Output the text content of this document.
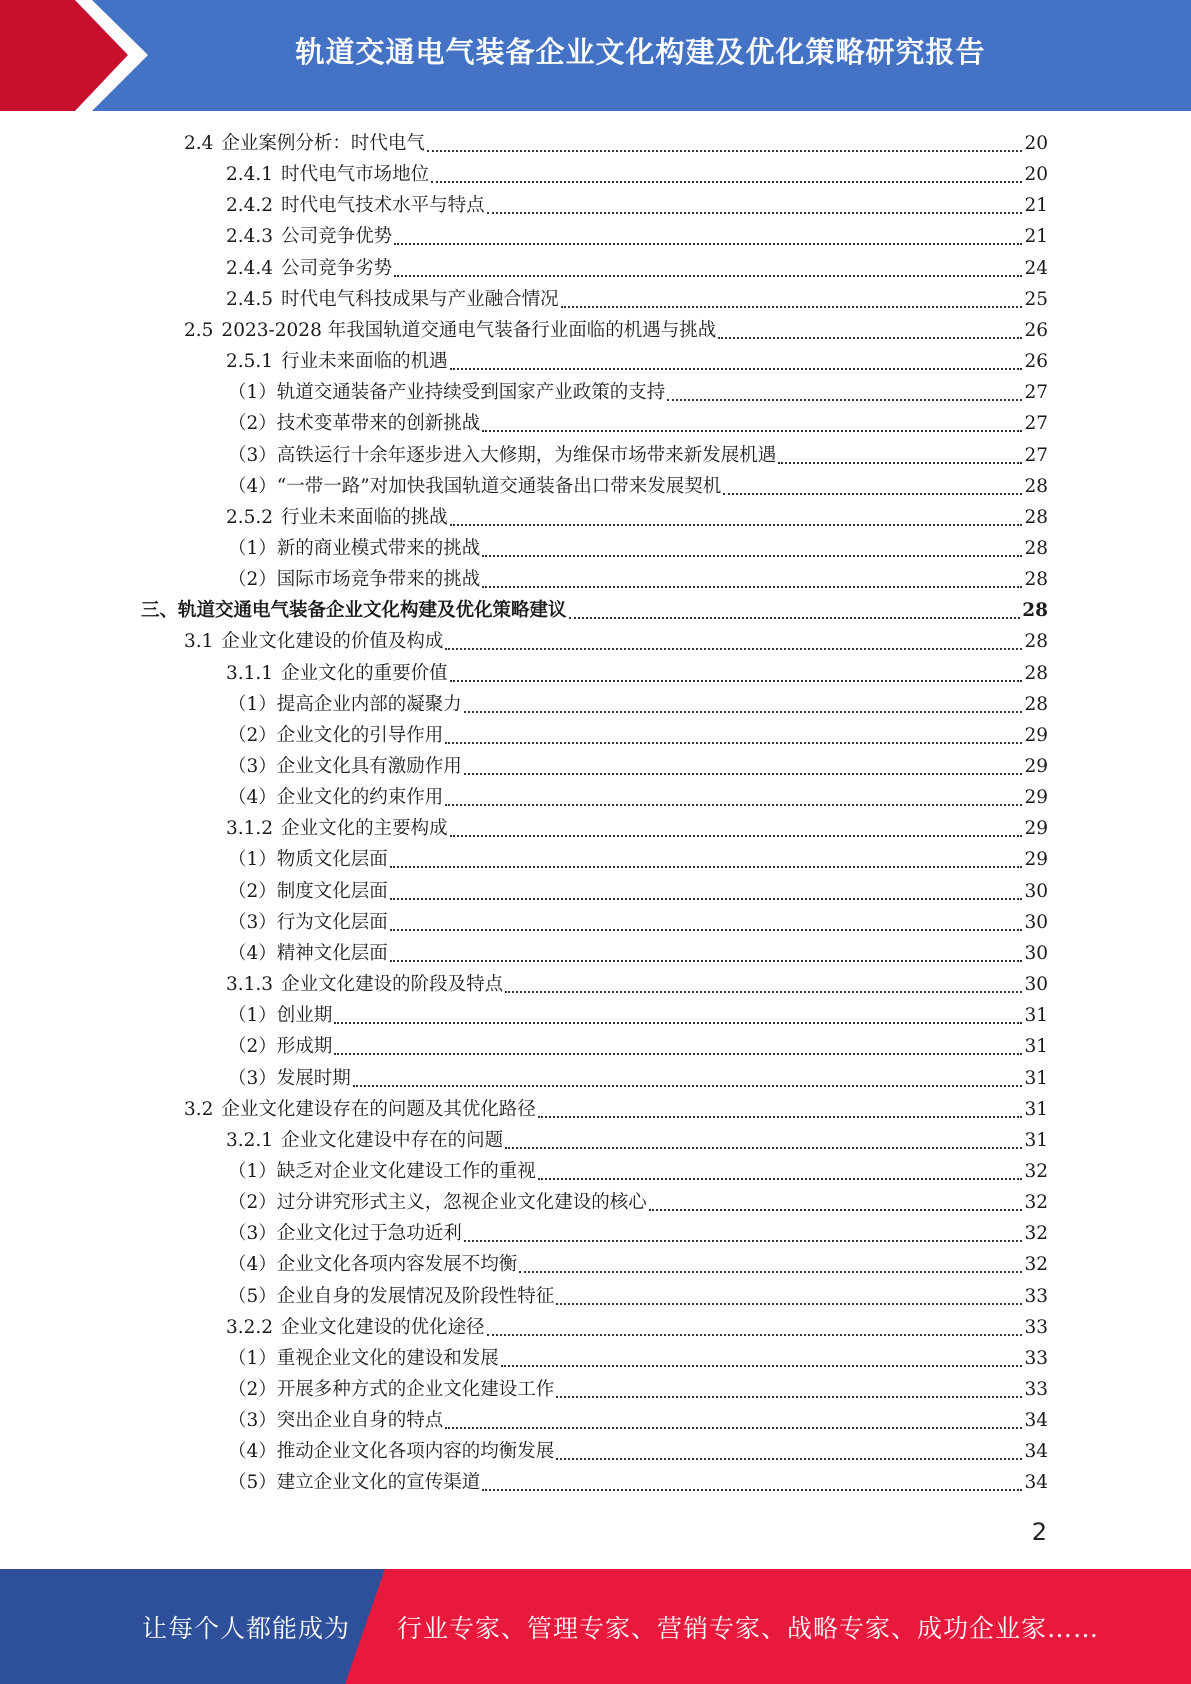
轨道交通电气装备企业文化构建及优化策略研究报告
2.4 企业案例分析：时代电气	20
2.4.1 时代电气市场地位	20
2.4.2 时代电气技术水平与特点	21
2.4.3 公司竞争优势	21
2.4.4 公司竞争劣势	24
2.4.5 时代电气科技成果与产业融合情况	25
2.5 2023-2028 年我国轨道交通电气装备行业面临的机遇与挑战	26
2.5.1 行业未来面临的机遇	26
（1） 轨道交通装备产业持续受到国家产业政策的支持	27
（2） 技术变革带来的创新挑战	27
（3） 高铁运行十余年逐步进入大修期，为维保市场带来新发展机遇	27
（4） “一带一路”对加快我国轨道交通装备出口带来发展契机	28
2.5.2 行业未来面临的挑战	28
（1） 新的商业模式带来的挑战	28
（2） 国际市场竞争带来的挑战	28
三、 轨道交通电气装备企业文化构建及优化策略建议	28
3.1 企业文化建设的价值及构成	28
3.1.1 企业文化的重要价值	28
（1） 提高企业内部的凝聚力	28
（2） 企业文化的引导作用	29
（3） 企业文化具有激励作用	29
（4） 企业文化的约束作用	29
3.1.2 企业文化的主要构成	29
（1） 物质文化层面	29
（2） 制度文化层面	30
（3） 行为文化层面	30
（4） 精神文化层面	30
3.1.3 企业文化建设的阶段及特点	30
（1） 创业期	31
（2） 形成期	31
（3） 发展时期	31
3.2 企业文化建设存在的问题及其优化路径	31
3.2.1 企业文化建设中存在的问题	31
（1） 缺乏对企业文化建设工作的重视	32
（2） 过分讲究形式主义，忽视企业文化建设的核心	32
（3） 企业文化过于急功近利	32
（4） 企业文化各项内容发展不均衡	32
（5） 企业自身的发展情况及阶段性特征	33
3.2.2 企业文化建设的优化途径	33
（1） 重视企业文化的建设和发展	33
（2） 开展多种方式的企业文化建设工作	33
（3） 突出企业自身的特点	34
（4） 推动企业文化各项内容的均衡发展	34
（5） 建立企业文化的宣传渠道	34
2
让每个人都能成为 行业专家、管理专家、营销专家、战略专家、成功企业家……
